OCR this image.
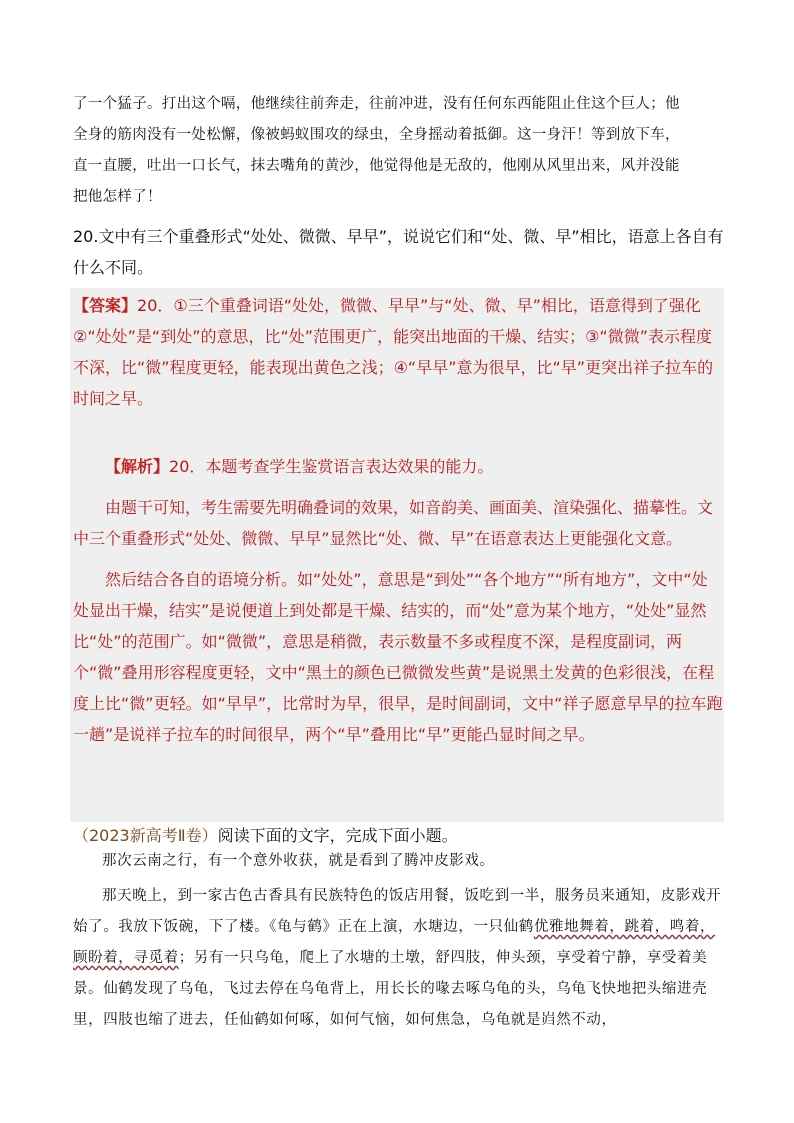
了一个猛子。打出这个嗝，他继续往前奔走，往前冲进，没有任何东西能阻止住这个巨人；他

全身的筋肉没有一处松懈，像被蚂蚁围攻的绿虫，全身摇动着抵御。这一身汗！等到放下车，

直一直腰，吐出一口长气，抹去嘴角的黄沙，他觉得他是无敌的，他刚从风里出来，风并没能

把他怎样了！

20.文中有三个重叠形式“处处、微微、早早”，说说它们和“处、微、早”相比，语意上各自有什么不同。
【答案】20．①三个重叠词语“处处，微微、早早”与“处、微、早”相比，语意得到了强化②“处处”是“到处”的意思，比“处”范围更广，能突出地面的干燥、结实；③“微微”表示程度不深，比“微”程度更轻，能表现出黄色之浅；④“早早”意为很早，比“早”更突出祥子拉车的时间之早。

【解析】20．本题考查学生鉴赏语言表达效果的能力。

由题干可知，考生需要先明确叠词的效果，如音韵美、画面美、渲染强化、描摹性。文中三个重叠形式“处处、微微、早早”显然比“处、微、早”在语意表达上更能强化文意。

然后结合各自的语境分析。如“处处”，意思是“到处”“各个地方”“所有地方”，文中“处处显出干燥，结实”是说便道上到处都是干燥、结实的，而“处”意为某个地方，“处处”显然比“处”的范围广。如“微微”，意思是稍微，表示数量不多或程度不深，是程度副词，两个“微”叠用形容程度更轻，文中“黑土的颜色已微微发些黄”是说黑土发黄的色彩很浅，在程度上比“微”更轻。如“早早”，比常时为早，很早，是时间副词，文中“祥子愿意早早的拉车跑一趟”是说祥子拉车的时间很早，两个“早”叠用比“早”更能凸显时间之早。

（2023新高考Ⅱ卷）阅读下面的文字，完成下面小题。

那次云南之行，有一个意外收获，就是看到了腾冲皮影戏。

那天晚上，到一家古色古香具有民族特色的饭店用餐，饭吃到一半，服务员来通知，皮影戏开始了。我放下饭碗，下了楼。《龟与鹤》正在上演，水塘边，一只仙鹤优雅地舞着，跳着，鸣着，顾盼着，寻觅着；另有一只乌龟，爬上了水塘的土墩，舒四肢，伸头颈，享受着宁静，享受着美景。仙鹤发现了乌龟，飞过去停在乌龟背上，用长长的喙去啄乌龟的头，乌龟飞快地把头缩进壳里，四肢也缩了进去，任仙鹤如何啄，如何气恼，如何焦急，乌龟就是岿然不动，
